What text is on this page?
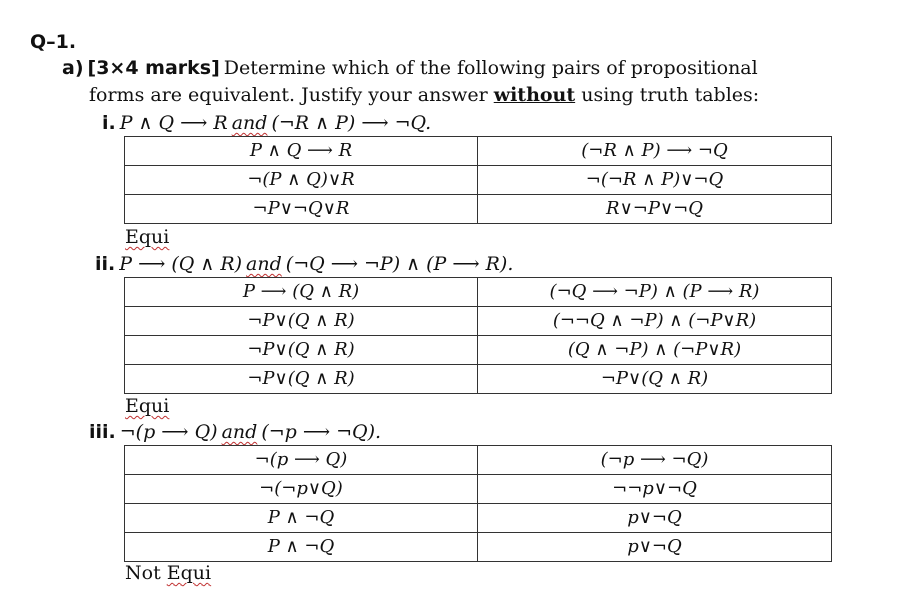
Q–1.
a) [3×4 marks] Determine which of the following pairs of propositional
forms are equivalent. Justify your answer without using truth tables:
i. P ∧ Q ⟶ R and (¬R ∧ P) ⟶ ¬Q.
P ∧ Q ⟶ R	(¬R ∧ P) ⟶ ¬Q

¬(P ∧ Q)∨R	¬(¬R ∧ P)∨¬Q

¬P∨¬Q∨R	R∨¬P∨¬Q
Equi
ii. P ⟶ (Q ∧ R) and (¬Q ⟶ ¬P) ∧ (P ⟶ R).
P ⟶ (Q ∧ R)	(¬Q ⟶ ¬P) ∧ (P ⟶ R)

¬P∨(Q ∧ R)	(¬¬Q ∧ ¬P) ∧ (¬P∨R)

¬P∨(Q ∧ R)	(Q ∧ ¬P) ∧ (¬P∨R)

¬P∨(Q ∧ R)	¬P∨(Q ∧ R)
Equi
iii. ¬(p ⟶ Q) and (¬p ⟶ ¬Q).
¬(p ⟶ Q)	(¬p ⟶ ¬Q)

¬(¬p∨Q)	¬¬p∨¬Q

P ∧ ¬Q	p∨¬Q

P ∧ ¬Q	p∨¬Q
Not Equi
